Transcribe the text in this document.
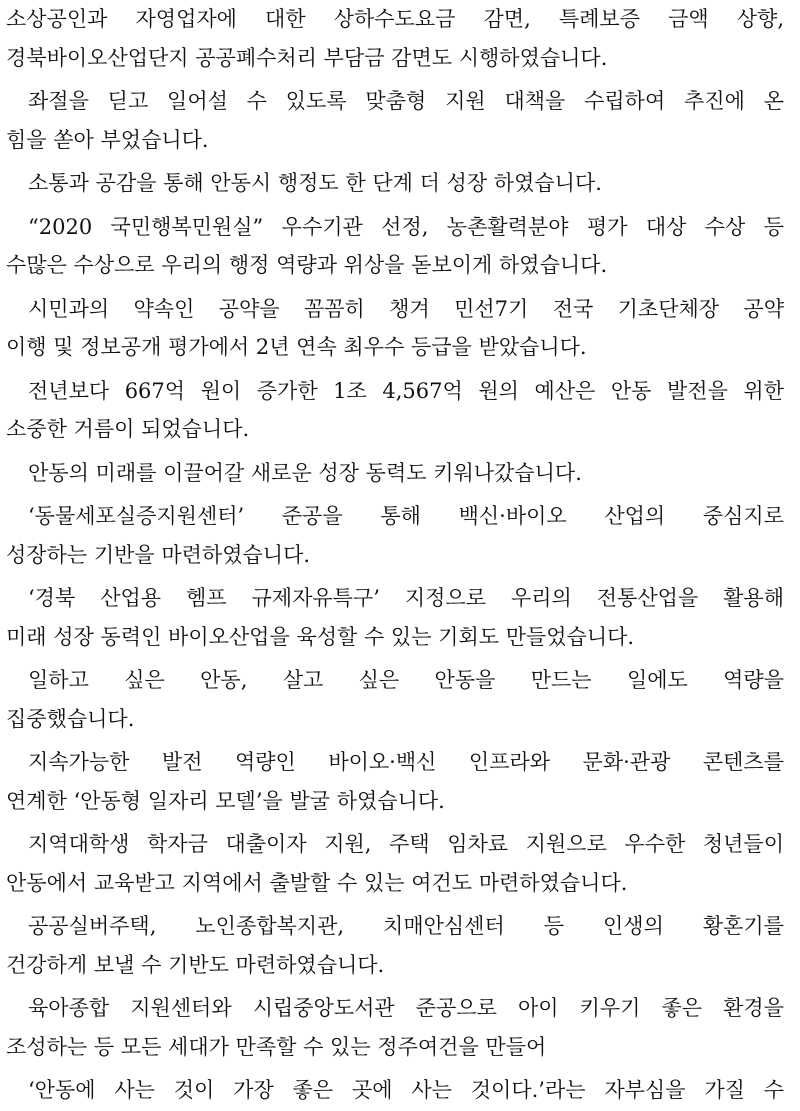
소상공인과 자영업자에 대한 상하수도요금 감면, 특례보증 금액 상향,
경북바이오산업단지 공공폐수처리 부담금 감면도 시행하였습니다.

좌절을 딛고 일어설 수 있도록 맞춤형 지원 대책을 수립하여 추진에 온
힘을 쏟아 부었습니다.

소통과 공감을 통해 안동시 행정도 한 단계 더 성장 하였습니다.

“2020 국민행복민원실” 우수기관 선정, 농촌활력분야 평가 대상 수상 등
수많은 수상으로 우리의 행정 역량과 위상을 돋보이게 하였습니다.

시민과의 약속인 공약을 꼼꼼히 챙겨 민선7기 전국 기초단체장 공약
이행 및 정보공개 평가에서 2년 연속 최우수 등급을 받았습니다.

전년보다 667억 원이 증가한 1조 4,567억 원의 예산은 안동 발전을 위한
소중한 거름이 되었습니다.

안동의 미래를 이끌어갈 새로운 성장 동력도 키워나갔습니다.

‘동물세포실증지원센터’ 준공을 통해 백신·바이오 산업의 중심지로
성장하는 기반을 마련하였습니다.

‘경북 산업용 헴프 규제자유특구’ 지정으로 우리의 전통산업을 활용해
미래 성장 동력인 바이오산업을 육성할 수 있는 기회도 만들었습니다.

일하고 싶은 안동, 살고 싶은 안동을 만드는 일에도 역량을
집중했습니다.

지속가능한 발전 역량인 바이오·백신 인프라와 문화·관광 콘텐츠를
연계한 ‘안동형 일자리 모델’을 발굴 하였습니다.

지역대학생 학자금 대출이자 지원, 주택 임차료 지원으로 우수한 청년들이
안동에서 교육받고 지역에서 출발할 수 있는 여건도 마련하였습니다.

공공실버주택, 노인종합복지관, 치매안심센터 등 인생의 황혼기를
건강하게 보낼 수 기반도 마련하였습니다.

육아종합 지원센터와 시립중앙도서관 준공으로 아이 키우기 좋은 환경을
조성하는 등 모든 세대가 만족할 수 있는 정주여건을 만들어

‘안동에 사는 것이 가장 좋은 곳에 사는 것이다.’라는 자부심을 가질 수
